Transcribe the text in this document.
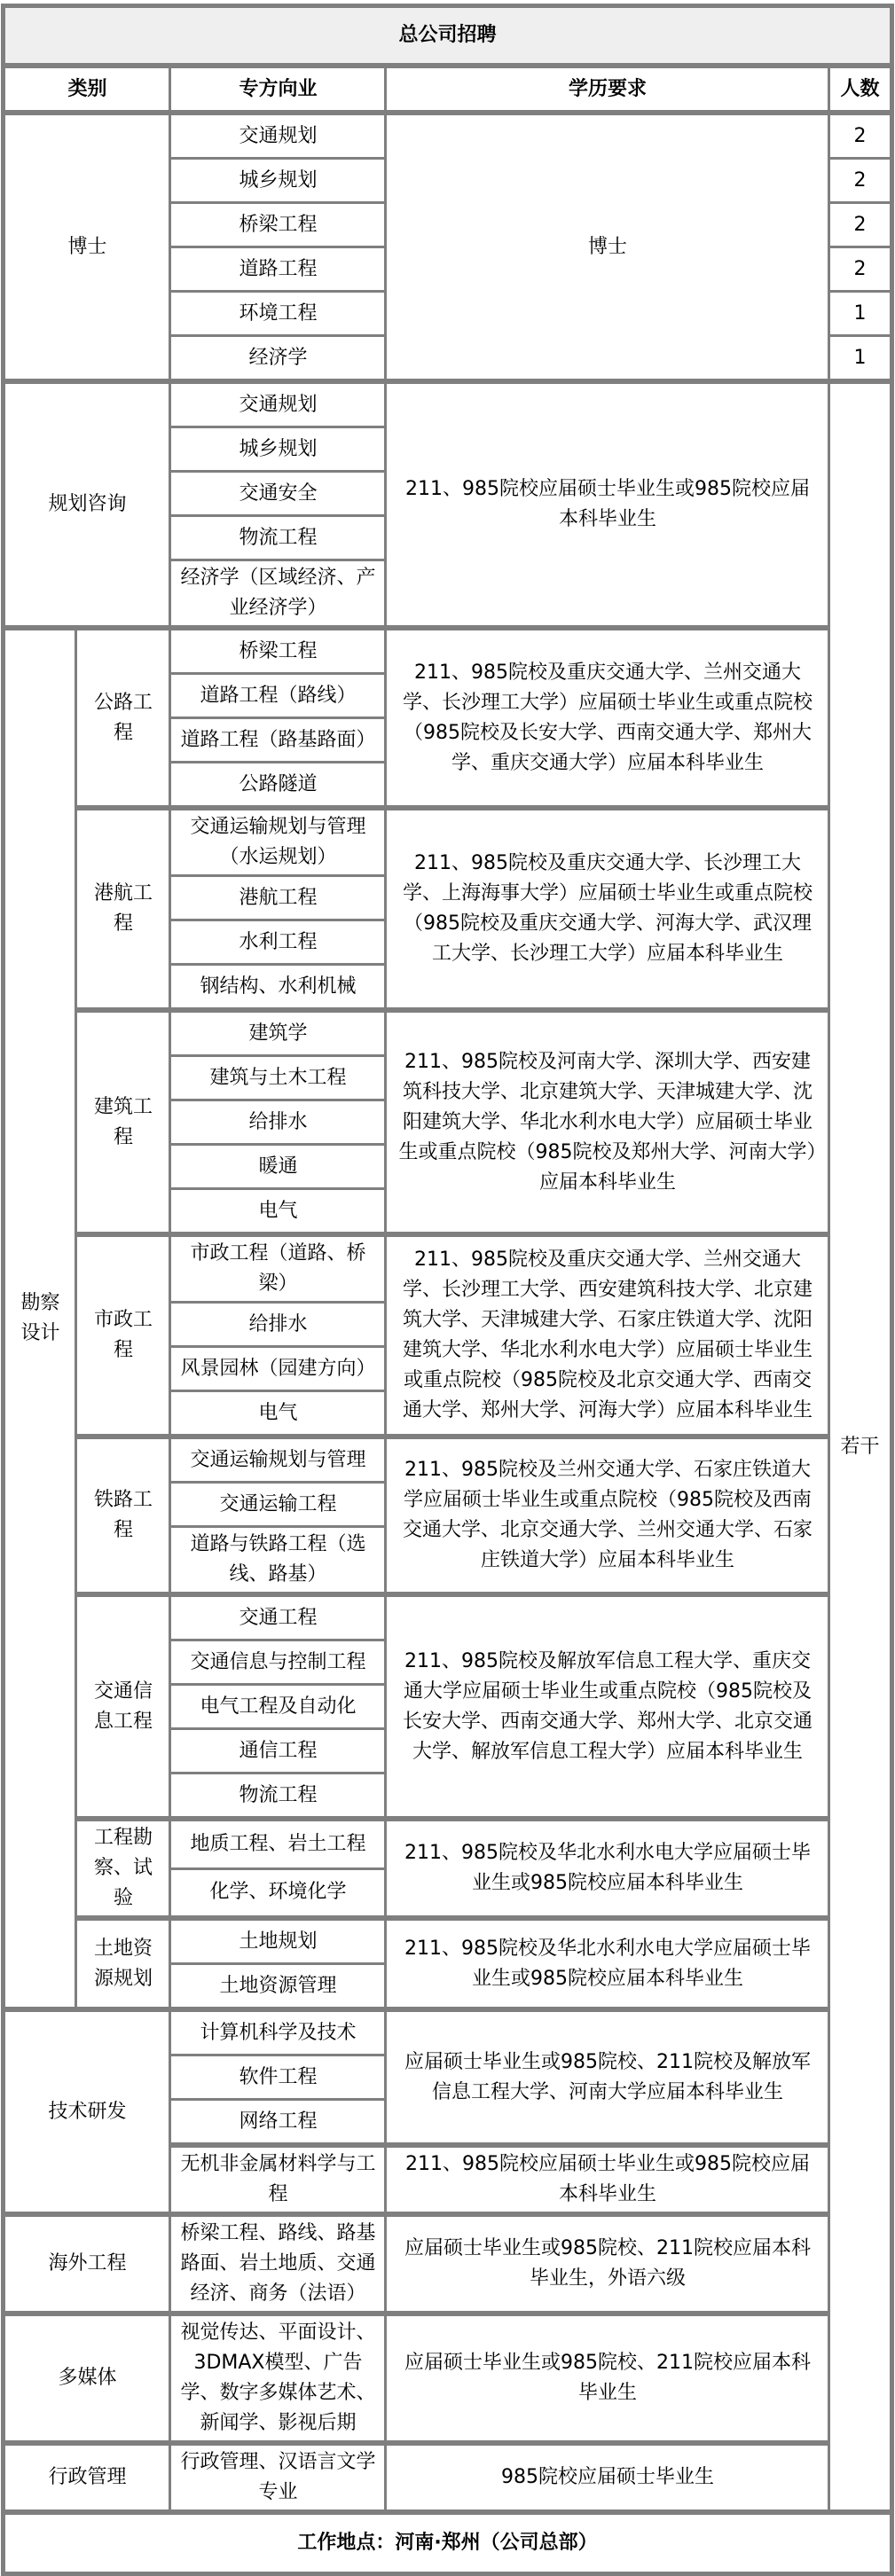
总公司招聘				
类别		专方向业	学历要求	人数
博士		交通规划	博士	2
		城乡规划		2
		桥梁工程		2
		道路工程		2
		环境工程		1
		经济学		1
规划咨询		交通规划	211、985院校应届硕士毕业生或985院校应届本科毕业生	若干
		城乡规划		
		交通安全		
		物流工程		
		经济学（区域经济、产业经济学）		
勘察设计	公路工程	桥梁工程	211、985院校及重庆交通大学、兰州交通大学、长沙理工大学）应届硕士毕业生或重点院校（985院校及长安大学、西南交通大学、郑州大学、重庆交通大学）应届本科毕业生	
		道路工程（路线）		
		道路工程（路基路面）		
		公路隧道		
	港航工程	交通运输规划与管理（水运规划）	211、985院校及重庆交通大学、长沙理工大学、上海海事大学）应届硕士毕业生或重点院校（985院校及重庆交通大学、河海大学、武汉理工大学、长沙理工大学）应届本科毕业生	
		港航工程		
		水利工程		
		钢结构、水利机械		
	建筑工程	建筑学	211、985院校及河南大学、深圳大学、西安建筑科技大学、北京建筑大学、天津城建大学、沈阳建筑大学、华北水利水电大学）应届硕士毕业生或重点院校（985院校及郑州大学、河南大学）应届本科毕业生	
		建筑与土木工程		
		给排水		
		暖通		
		电气		
	市政工程	市政工程（道路、桥梁）	211、985院校及重庆交通大学、兰州交通大学、长沙理工大学、西安建筑科技大学、北京建筑大学、天津城建大学、石家庄铁道大学、沈阳建筑大学、华北水利水电大学）应届硕士毕业生或重点院校（985院校及北京交通大学、西南交通大学、郑州大学、河海大学）应届本科毕业生	
		给排水		
		风景园林（园建方向）		
		电气		
	铁路工程	交通运输规划与管理	211、985院校及兰州交通大学、石家庄铁道大学应届硕士毕业生或重点院校（985院校及西南交通大学、北京交通大学、兰州交通大学、石家庄铁道大学）应届本科毕业生	
		交通运输工程		
		道路与铁路工程（选线、路基）		
	交通信息工程	交通工程	211、985院校及解放军信息工程大学、重庆交通大学应届硕士毕业生或重点院校（985院校及长安大学、西南交通大学、郑州大学、北京交通大学、解放军信息工程大学）应届本科毕业生	
		交通信息与控制工程		
		电气工程及自动化		
		通信工程		
		物流工程		
	工程勘察、试验	地质工程、岩土工程	211、985院校及华北水利水电大学应届硕士毕业生或985院校应届本科毕业生	
		化学、环境化学		
	土地资源规划	土地规划	211、985院校及华北水利水电大学应届硕士毕业生或985院校应届本科毕业生	
		土地资源管理		
技术研发		计算机科学及技术	应届硕士毕业生或985院校、211院校及解放军信息工程大学、河南大学应届本科毕业生	
		软件工程		
		网络工程		
		无机非金属材料学与工程	211、985院校应届硕士毕业生或985院校应届本科毕业生	
海外工程		桥梁工程、路线、路基路面、岩土地质、交通经济、商务（法语）	应届硕士毕业生或985院校、211院校应届本科毕业生，外语六级	
多媒体		视觉传达、平面设计、3DMAX模型、广告学、数字多媒体艺术、新闻学、影视后期	应届硕士毕业生或985院校、211院校应届本科毕业生	
行政管理		行政管理、汉语言文学专业	985院校应届硕士毕业生	
工作地点：河南·郑州（公司总部）				
